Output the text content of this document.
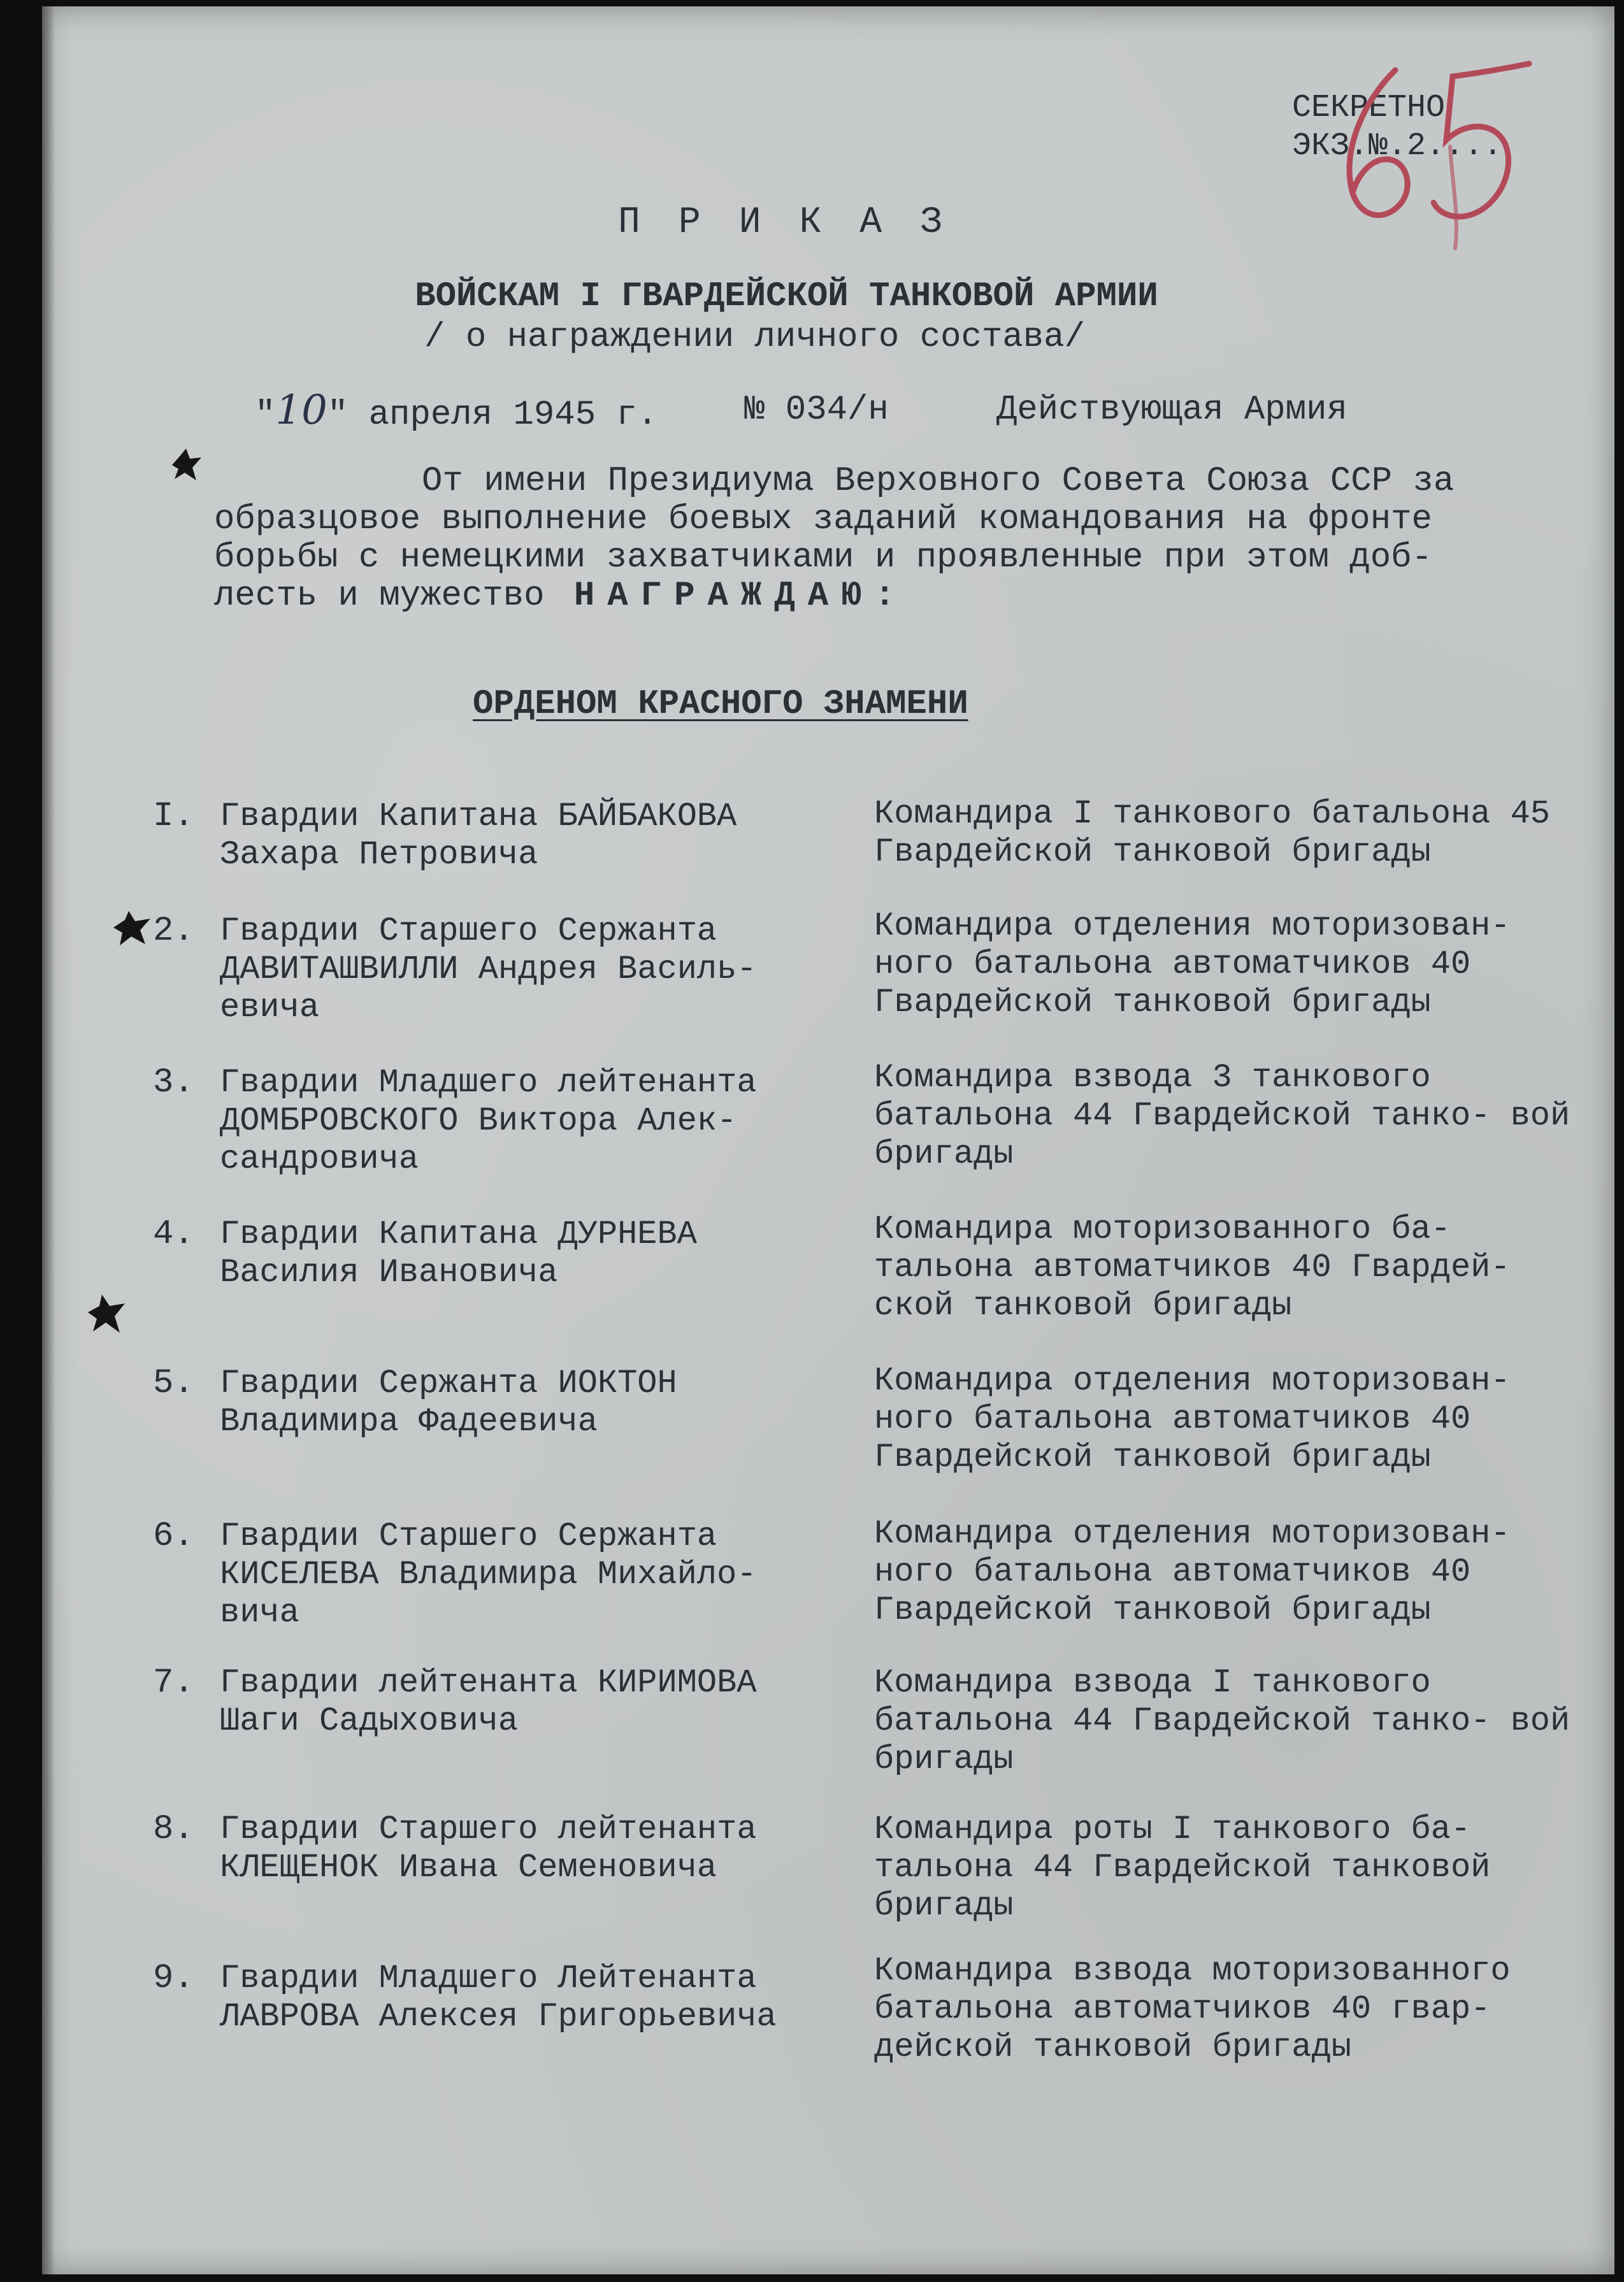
СЕКРЕТНО
ЭКЗ.№.2....
ПРИКАЗ
ВОЙСКАМ I ГВАРДЕЙСКОЙ ТАНКОВОЙ АРМИИ
/ о награждении личного состава/
"10" апреля 1945 г.	№ 034/н	Действующая Армия
От имени Президиума Верховного Совета Союза ССР за
образцовое выполнение боевых заданий командования на фронте
борьбы с немецкими захватчиками и проявленные при этом доб-
лесть и мужество НАГРАЖДАЮ:
ОРДЕНОМ КРАСНОГО ЗНАМЕНИ
I. Гвардии Капитана БАЙБАКОВА Захара Петровича
Командира I танкового батальона 45 Гвардейской танковой бригады
2. Гвардии Старшего Сержанта ДАВИТАШВИЛЛИ Андрея Василь- евича
Командира отделения моторизован- ного батальона автоматчиков 40 Гвардейской танковой бригады
3. Гвардии Младшего лейтенанта ДОМБРОВСКОГО Виктора Алек- сандровича
Командира взвода 3 танкового батальона 44 Гвардейской танко- вой бригады
4. Гвардии Капитана ДУРНЕВА Василия Ивановича
Командира моторизованного ба- тальона автоматчиков 40 Гвардей- ской танковой бригады
5. Гвардии Сержанта ИОКТОН Владимира Фадеевича
Командира отделения моторизован- ного батальона автоматчиков 40 Гвардейской танковой бригады
6. Гвардии Старшего Сержанта КИСЕЛЕВА Владимира Михайло- вича
Командира отделения моторизован- ного батальона автоматчиков 40 Гвардейской танковой бригады
7. Гвардии лейтенанта КИРИМОВА Шаги Садыховича
Командира взвода I танкового батальона 44 Гвардейской танко- вой бригады
8. Гвардии Старшего лейтенанта КЛЕЩЕНОК Ивана Семеновича
Командира роты I танкового ба- тальона 44 Гвардейской танковой бригады
9. Гвардии Младшего Лейтенанта ЛАВРОВА Алексея Григорьевича
Командира взвода моторизованного батальона автоматчиков 40 гвар- дейской танковой бригады
